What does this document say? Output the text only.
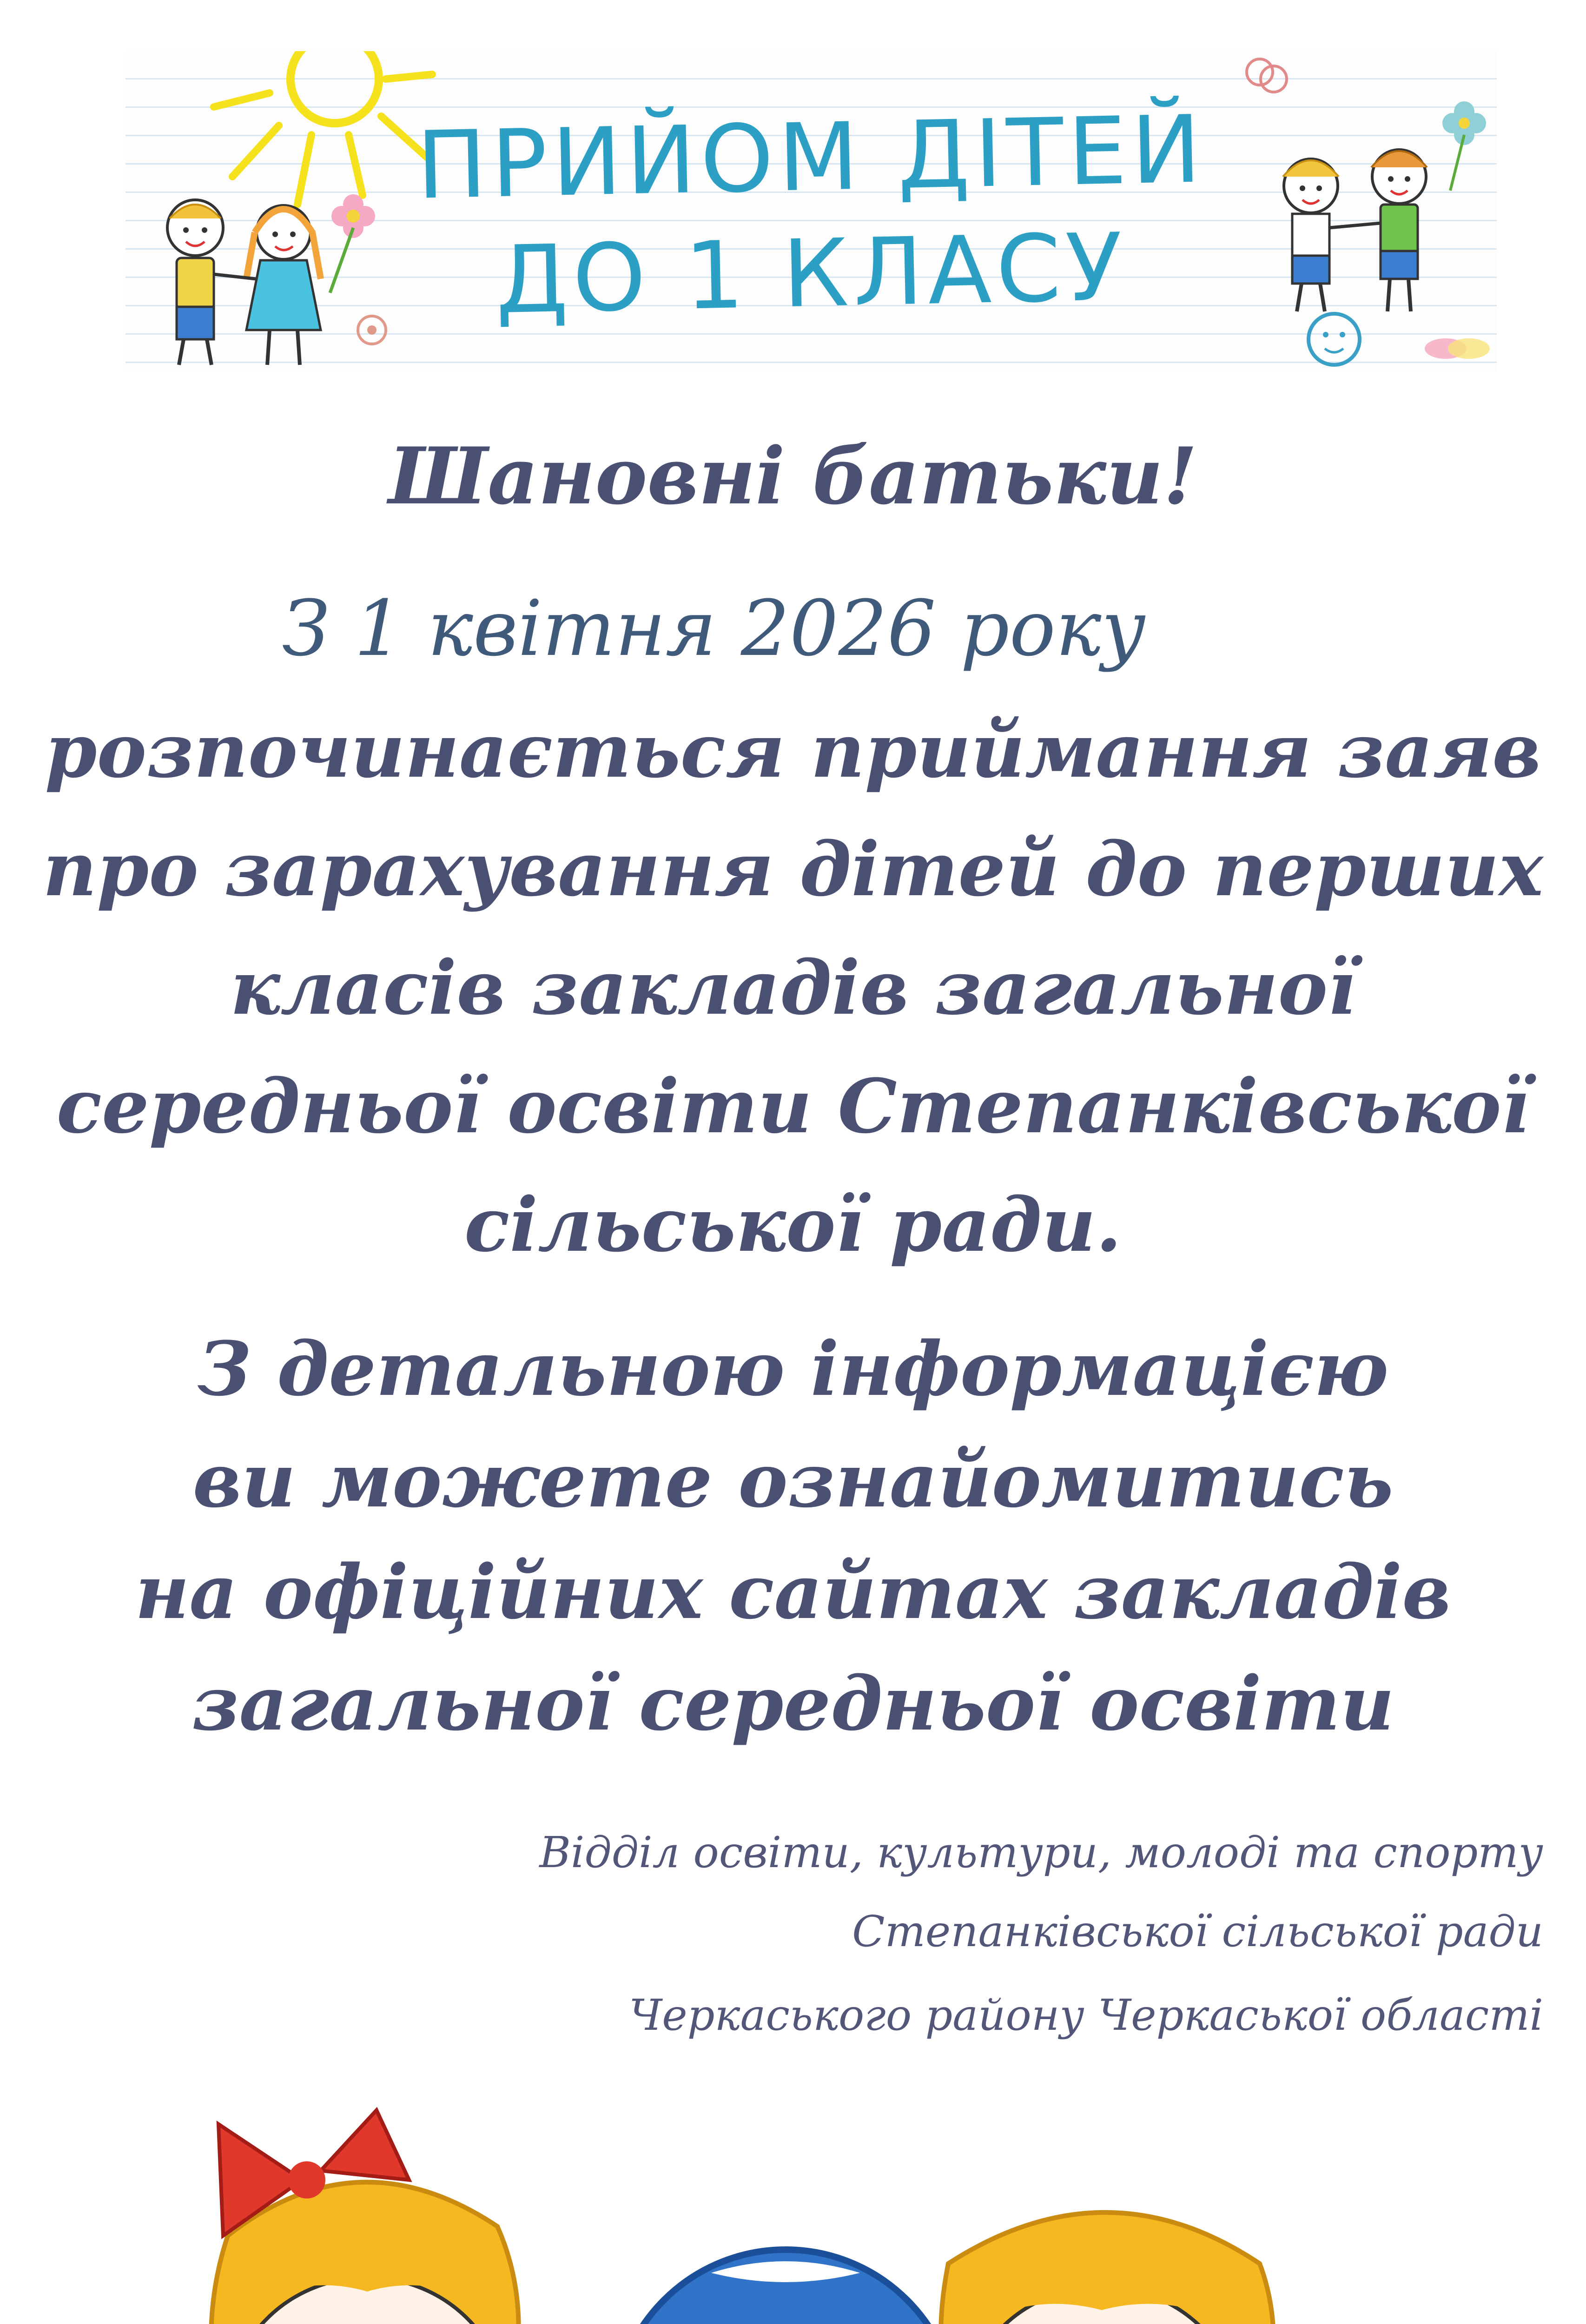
ПРИЙОМ ДІТЕЙ
ДО 1 КЛАСУ
Шановні батьки!
З 1 квітня 2026 року
розпочинається приймання заяв
про зарахування дітей до перших
класів закладів загальної
середньої освіти Степанківської
сільської ради.
З детальною інформацією
ви можете ознайомитись
на офіційних сайтах закладів
загальної середньої освіти
Відділ освіти, культури, молоді та спорту
Степанківської сільської ради
Черкаського району Черкаської області
